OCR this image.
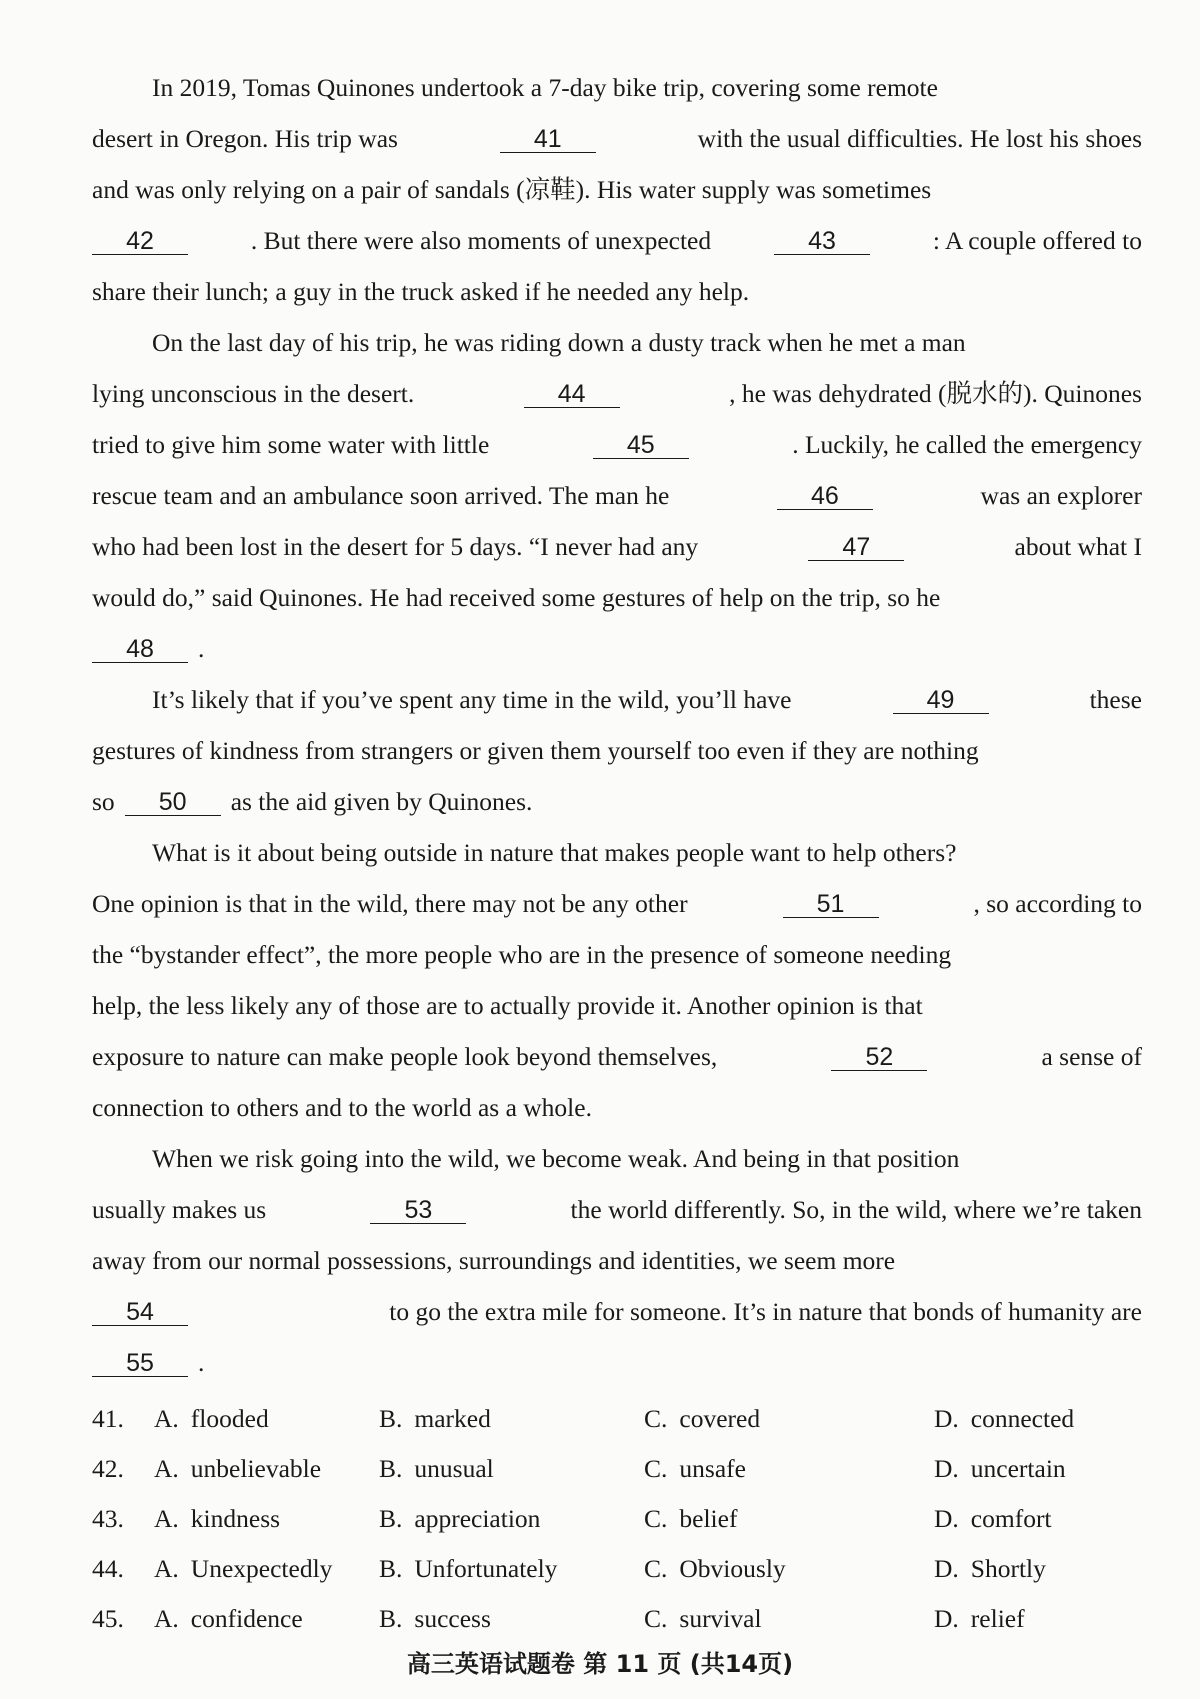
In 2019, Tomas Quinones undertook a 7-day bike trip, covering some remote
desert in Oregon. His trip was	41	with the usual difficulties. He lost his shoes
and was only relying on a pair of sandals (凉鞋). His water supply was sometimes
42	. But there were also moments of unexpected	43	: A couple offered to
share their lunch; a guy in the truck asked if he needed any help.
On the last day of his trip, he was riding down a dusty track when he met a man
lying unconscious in the desert.	44	, he was dehydrated (脱水的). Quinones
tried to give him some water with little	45	. Luckily, he called the emergency
rescue team and an ambulance soon arrived. The man he	46	was an explorer
who had been lost in the desert for 5 days. “I never had any	47	about what I
would do,” said Quinones. He had received some gestures of help on the trip, so he
48	.
It’s likely that if you’ve spent any time in the wild, you’ll have	49	these
gestures of kindness from strangers or given them yourself too even if they are nothing
so	50	as the aid given by Quinones.
What is it about being outside in nature that makes people want to help others?
One opinion is that in the wild, there may not be any other	51	, so according to
the “bystander effect”, the more people who are in the presence of someone needing
help, the less likely any of those are to actually provide it. Another opinion is that
exposure to nature can make people look beyond themselves,	52	a sense of
connection to others and to the world as a whole.
When we risk going into the wild, we become weak. And being in that position
usually makes us	53	the world differently. So, in the wild, where we’re taken
away from our normal possessions, surroundings and identities, we seem more
54	to go the extra mile for someone. It’s in nature that bonds of humanity are
55	.
41.	A. flooded	B. marked	C. covered	D. connected
42.	A. unbelievable	B. unusual	C. unsafe	D. uncertain
43.	A. kindness	B. appreciation	C. belief	D. comfort
44.	A. Unexpectedly	B. Unfortunately	C. Obviously	D. Shortly
45.	A. confidence	B. success	C. survival	D. relief
高三英语试题卷 第 11 页 (共14页)
